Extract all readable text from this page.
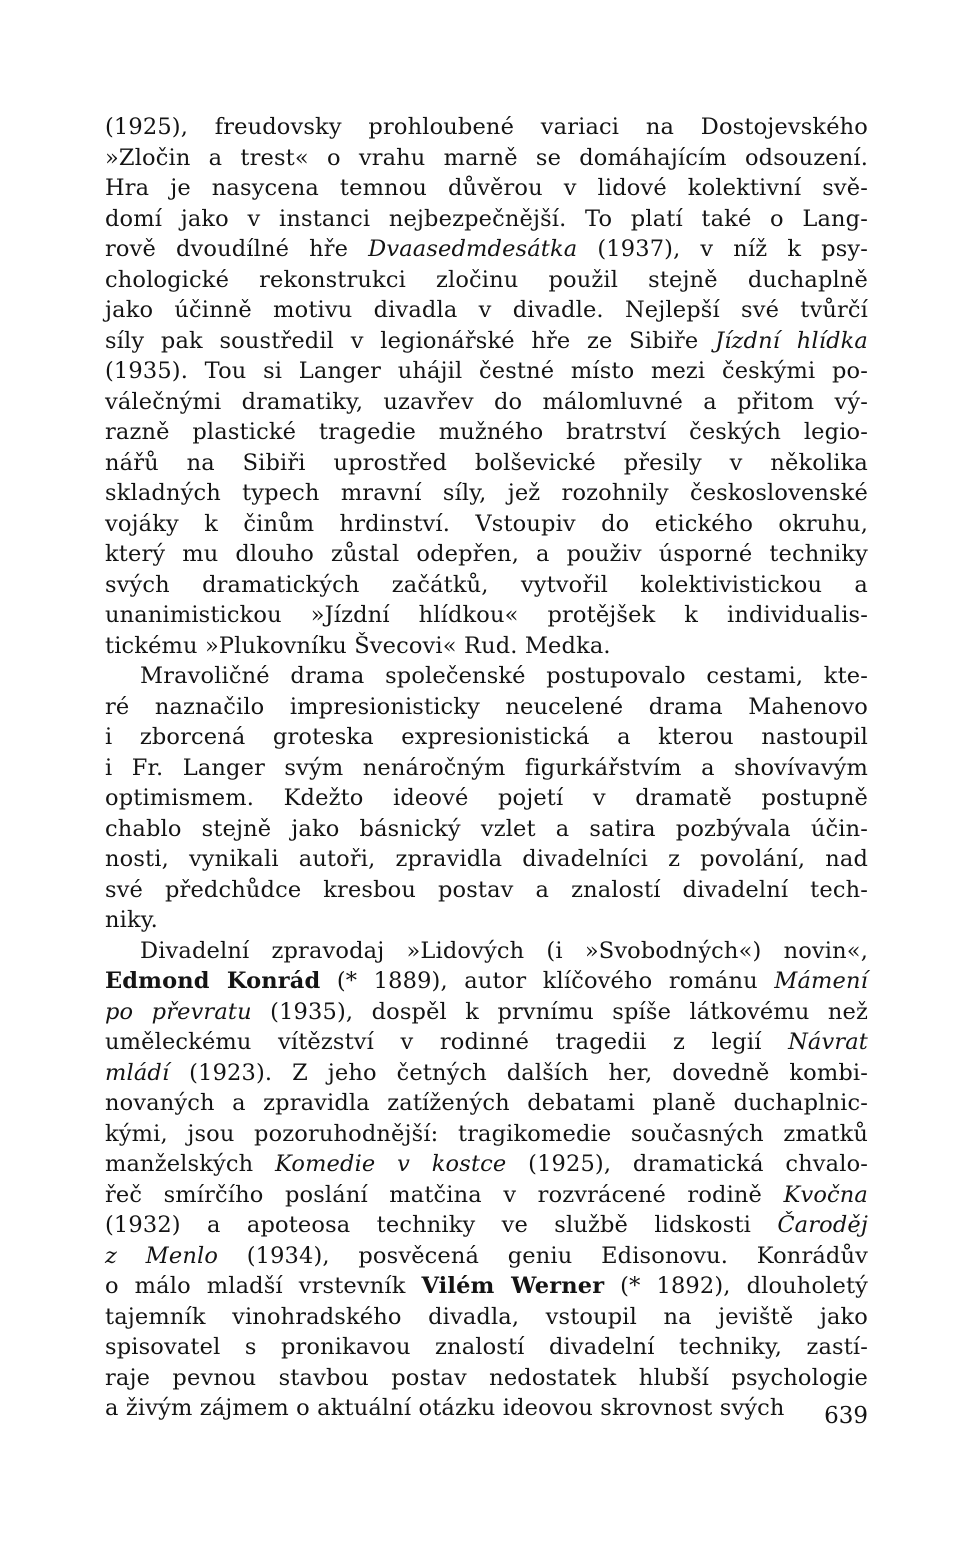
(1925), freudovsky prohloubené variaci na Dostojevského
»Zločin a trest« o vrahu marně se domáhajícím odsouzení.
Hra je nasycena temnou důvěrou v lidové kolektivní svě-
domí jako v instanci nejbezpečnější. To platí také o Lang-
rově dvoudílné hře Dvaasedmdesátka (1937), v níž k psy-
chologické rekonstrukci zločinu použil stejně duchaplně
jako účinně motivu divadla v divadle. Nejlepší své tvůrčí
síly pak soustředil v legionářské hře ze Sibiře Jízdní hlídka
(1935). Tou si Langer uhájil čestné místo mezi českými po-
válečnými dramatiky, uzavřev do málomluvné a přitom vý-
razně plastické tragedie mužného bratrství českých legio-
nářů na Sibiři uprostřed bolševické přesily v několika
skladných typech mravní síly, jež rozohnily československé
vojáky k činům hrdinství. Vstoupiv do etického okruhu,
který mu dlouho zůstal odepřen, a použiv úsporné techniky
svých dramatických začátků, vytvořil kolektivistickou a
unanimistickou »Jízdní hlídkou« protějšek k individualis-
tickému »Plukovníku Švecovi« Rud. Medka.
Mravoličné drama společenské postupovalo cestami, kte-
ré naznačilo impresionisticky neucelené drama Mahenovo
i zborcená groteska expresionistická a kterou nastoupil
i Fr. Langer svým nenáročným figurkářstvím a shovívavým
optimismem. Kdežto ideové pojetí v dramatě postupně
chablo stejně jako básnický vzlet a satira pozbývala účin-
nosti, vynikali autoři, zpravidla divadelníci z povolání, nad
své předchůdce kresbou postav a znalostí divadelní tech-
niky.
Divadelní zpravodaj »Lidových (i »Svobodných«) novin«,
Edmond Konrád (* 1889), autor klíčového románu Mámení
po převratu (1935), dospěl k prvnímu spíše látkovému než
uměleckému vítězství v rodinné tragedii z legií Návrat
mládí (1923). Z jeho četných dalších her, dovedně kombi-
novaných a zpravidla zatížených debatami planě duchaplnic-
kými, jsou pozoruhodnější: tragikomedie současných zmatků
manželských Komedie v kostce (1925), dramatická chvalo-
řeč smírčího poslání matčina v rozvrácené rodině Kvočna
(1932) a apoteosa techniky ve službě lidskosti Čaroděj
z Menlo (1934), posvěcená geniu Edisonovu. Konrádův
o málo mladší vrstevník Vilém Werner (* 1892), dlouholetý
tajemník vinohradského divadla, vstoupil na jeviště jako
spisovatel s pronikavou znalostí divadelní techniky, zastí-
raje pevnou stavbou postav nedostatek hlubší psychologie
a živým zájmem o aktuální otázku ideovou skrovnost svých	639
